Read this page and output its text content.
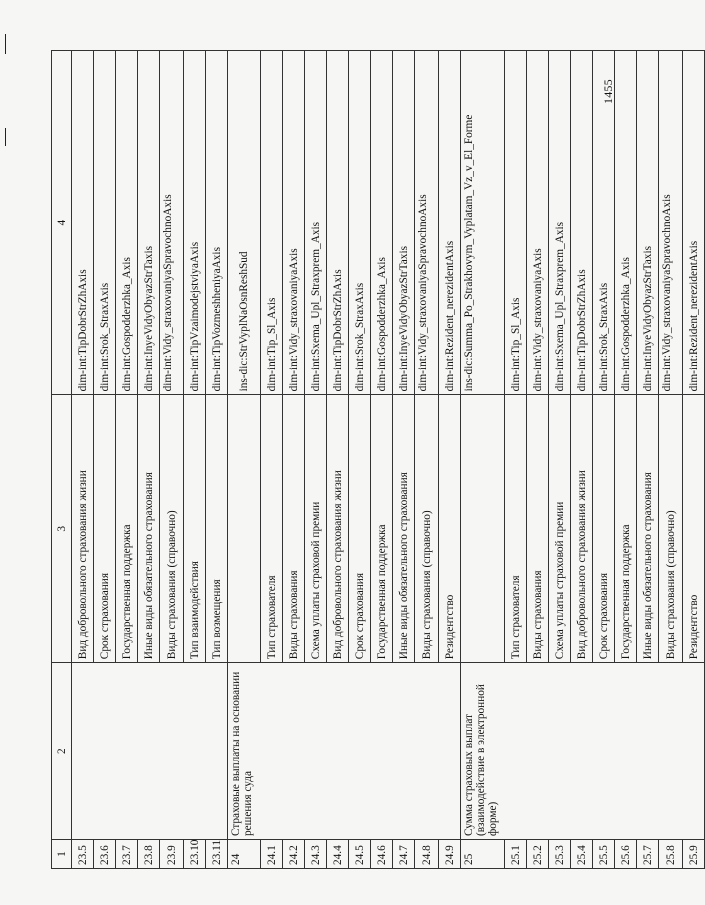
1455
1	2	3	4
23.5		Вид добровольного страхования жизни	dim-int:TipDobrStrZhAxis
23.6		Срок страхования	dim-int:Srok_StraxAxis
23.7		Государственная поддержка	dim-int:Gospodderzhka_Axis
23.8		Иные виды обязательного страхования	dim-int:InyeVidyObyazStrTaxis
23.9		Виды страхования (справочно)	dim-int:Vidy_straxovaniyaSpravochnoAxis
23.10		Тип взаимодействия	dim-int:TipVzaimodejstviyaAxis
23.11		Тип возмещения	dim-int:TipVozmeshheniyaAxis
24	Страховые выплаты на основании решения суда		ins-dic:StrVyplNaOsnReshSud
24.1		Тип страхователя	dim-int:Tip_Sl_Axis
24.2		Виды страхования	dim-int:Vidy_straxovaniyaAxis
24.3		Схема уплаты страховой премии	dim-int:Sxema_Upl_Straxprem_Axis
24.4		Вид добровольного страхования жизни	dim-int:TipDobrStrZhAxis
24.5		Срок страхования	dim-int:Srok_StraxAxis
24.6		Государственная поддержка	dim-int:Gospodderzhka_Axis
24.7		Иные виды обязательного страхования	dim-int:InyeVidyObyazStrTaxis
24.8		Виды страхования (справочно)	dim-int:Vidy_straxovaniyaSpravochnoAxis
24.9		Резидентство	dim-int:Rezident_nerezidentAxis
25	Сумма страховых выплат (взаимодействие в электронной форме)		ins-dic:Summa_Po_Strakhovym_Vyplatam_Vz_v_El_Forme
25.1		Тип страхователя	dim-int:Tip_Sl_Axis
25.2		Виды страхования	dim-int:Vidy_straxovaniyaAxis
25.3		Схема уплаты страховой премии	dim-int:Sxema_Upl_Straxprem_Axis
25.4		Вид добровольного страхования жизни	dim-int:TipDobrStrZhAxis
25.5		Срок страхования	dim-int:Srok_StraxAxis
25.6		Государственная поддержка	dim-int:Gospodderzhka_Axis
25.7		Иные виды обязательного страхования	dim-int:InyeVidyObyazStrTaxis
25.8		Виды страхования (справочно)	dim-int:Vidy_straxovaniyaSpravochnoAxis
25.9		Резидентство	dim-int:Rezident_nerezidentAxis
